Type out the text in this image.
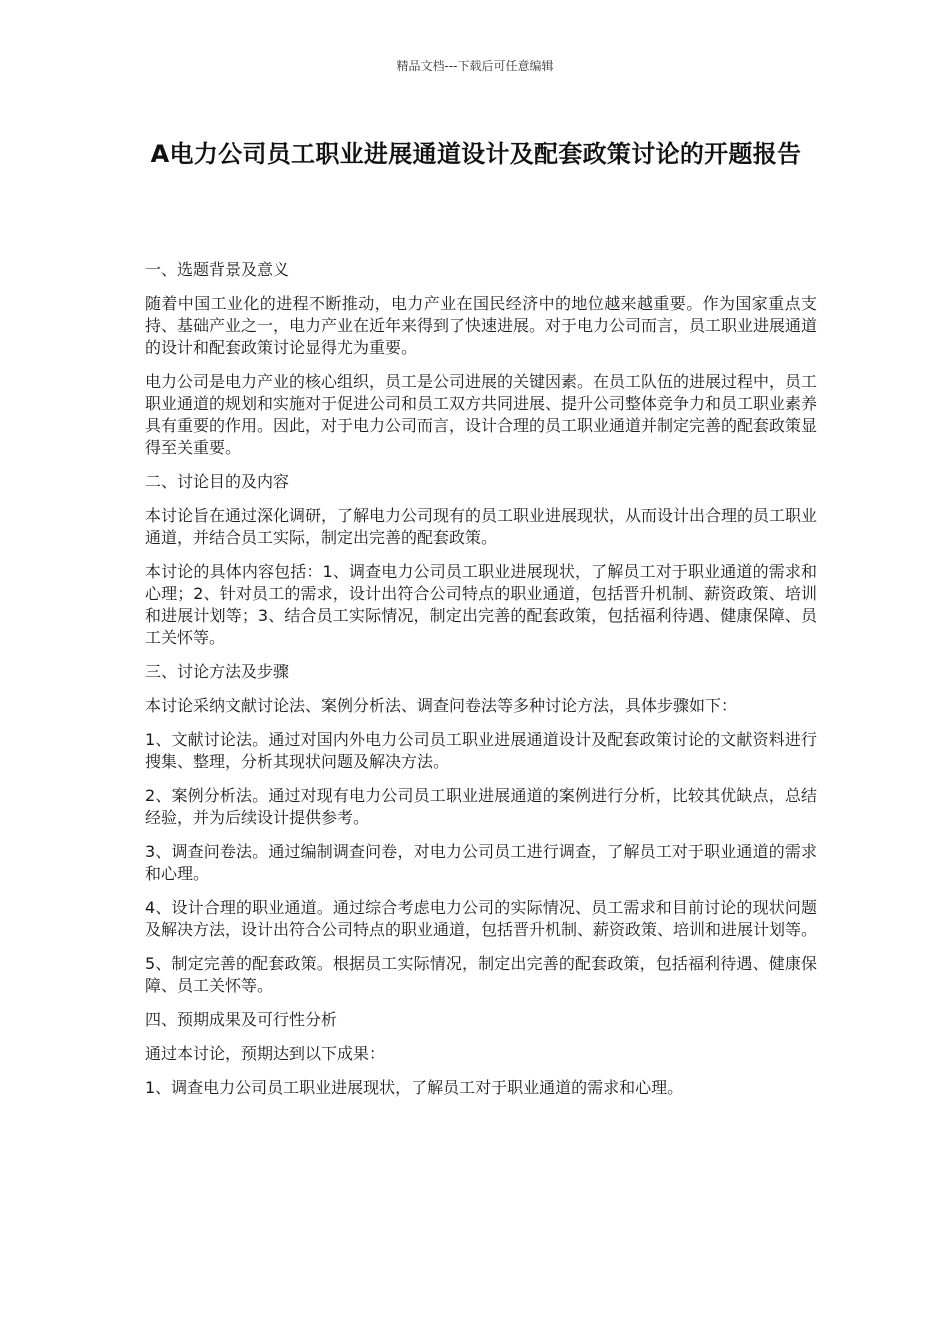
精品文档---下载后可任意编辑
A电力公司员工职业进展通道设计及配套政策讨论的开题报告

一、选题背景及意义

随着中国工业化的进程不断推动，电力产业在国民经济中的地位越来越重要。作为国家重点支持、基础产业之一，电力产业在近年来得到了快速进展。对于电力公司而言，员工职业进展通道的设计和配套政策讨论显得尤为重要。

电力公司是电力产业的核心组织，员工是公司进展的关键因素。在员工队伍的进展过程中，员工职业通道的规划和实施对于促进公司和员工双方共同进展、提升公司整体竞争力和员工职业素养具有重要的作用。因此，对于电力公司而言，设计合理的员工职业通道并制定完善的配套政策显得至关重要。

二、讨论目的及内容

本讨论旨在通过深化调研，了解电力公司现有的员工职业进展现状，从而设计出合理的员工职业通道，并结合员工实际，制定出完善的配套政策。

本讨论的具体内容包括：1、调查电力公司员工职业进展现状，了解员工对于职业通道的需求和心理；2、针对员工的需求，设计出符合公司特点的职业通道，包括晋升机制、薪资政策、培训和进展计划等；3、结合员工实际情况，制定出完善的配套政策，包括福利待遇、健康保障、员工关怀等。

三、讨论方法及步骤

本讨论采纳文献讨论法、案例分析法、调查问卷法等多种讨论方法，具体步骤如下：

1、文献讨论法。通过对国内外电力公司员工职业进展通道设计及配套政策讨论的文献资料进行搜集、整理，分析其现状问题及解决方法。

2、案例分析法。通过对现有电力公司员工职业进展通道的案例进行分析，比较其优缺点，总结经验，并为后续设计提供参考。

3、调查问卷法。通过编制调查问卷，对电力公司员工进行调查，了解员工对于职业通道的需求和心理。

4、设计合理的职业通道。通过综合考虑电力公司的实际情况、员工需求和目前讨论的现状问题及解决方法，设计出符合公司特点的职业通道，包括晋升机制、薪资政策、培训和进展计划等。

5、制定完善的配套政策。根据员工实际情况，制定出完善的配套政策，包括福利待遇、健康保障、员工关怀等。

四、预期成果及可行性分析

通过本讨论，预期达到以下成果：

1、调查电力公司员工职业进展现状，了解员工对于职业通道的需求和心理。
